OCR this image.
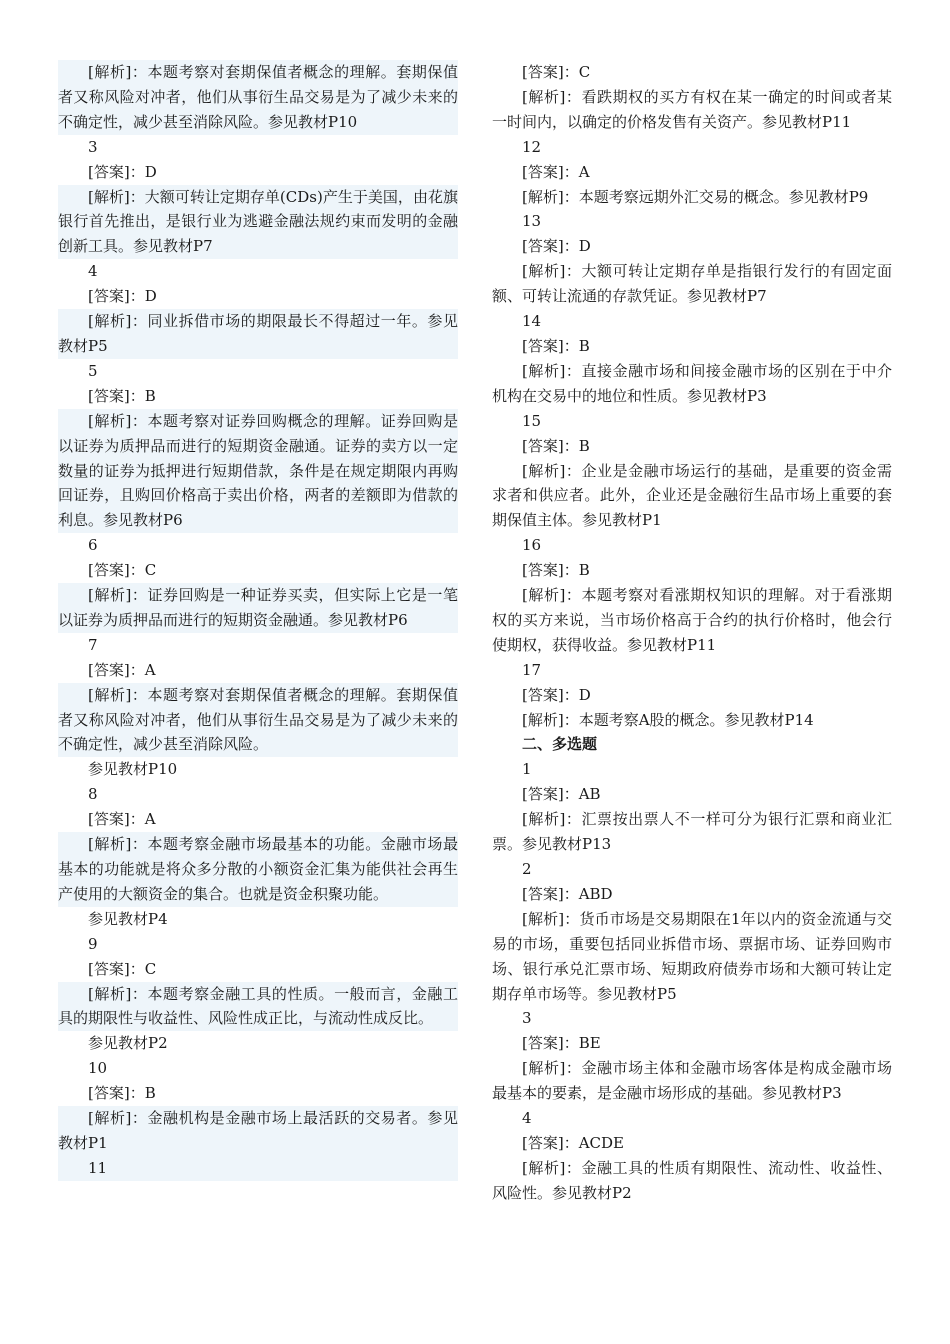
[解析]：本题考察对套期保值者概念的理解。套期保值者又称风险对冲者，他们从事衍生品交易是为了减少未来的不确定性，减少甚至消除风险。参见教材P10

3

[答案]：D

[解析]：大额可转让定期存单(CDs)产生于美国，由花旗银行首先推出，是银行业为逃避金融法规约束而发明的金融创新工具。参见教材P7

4

[答案]：D

[解析]：同业拆借市场的期限最长不得超过一年。参见教材P5

5

[答案]：B

[解析]：本题考察对证券回购概念的理解。证券回购是以证券为质押品而进行的短期资金融通。证券的卖方以一定数量的证券为抵押进行短期借款，条件是在规定期限内再购回证券，且购回价格高于卖出价格，两者的差额即为借款的利息。参见教材P6

6

[答案]：C

[解析]：证券回购是一种证券买卖，但实际上它是一笔以证券为质押品而进行的短期资金融通。参见教材P6

7

[答案]：A

[解析]：本题考察对套期保值者概念的理解。套期保值者又称风险对冲者，他们从事衍生品交易是为了减少未来的不确定性，减少甚至消除风险。

参见教材P10

8

[答案]：A

[解析]：本题考察金融市场最基本的功能。金融市场最基本的功能就是将众多分散的小额资金汇集为能供社会再生产使用的大额资金的集合。也就是资金积聚功能。

参见教材P4

9

[答案]：C

[解析]：本题考察金融工具的性质。一般而言，金融工具的期限性与收益性、风险性成正比，与流动性成反比。

参见教材P2

10

[答案]：B

[解析]：金融机构是金融市场上最活跃的交易者。参见教材P1

11

[答案]：C

[解析]：看跌期权的买方有权在某一确定的时间或者某一时间内，以确定的价格发售有关资产。参见教材P11

12

[答案]：A

[解析]：本题考察远期外汇交易的概念。参见教材P9

13

[答案]：D

[解析]：大额可转让定期存单是指银行发行的有固定面额、可转让流通的存款凭证。参见教材P7

14

[答案]：B

[解析]：直接金融市场和间接金融市场的区别在于中介机构在交易中的地位和性质。参见教材P3

15

[答案]：B

[解析]：企业是金融市场运行的基础，是重要的资金需求者和供应者。此外，企业还是金融衍生品市场上重要的套期保值主体。参见教材P1

16

[答案]：B

[解析]：本题考察对看涨期权知识的理解。对于看涨期权的买方来说，当市场价格高于合约的执行价格时，他会行使期权，获得收益。参见教材P11

17

[答案]：D

[解析]：本题考察A股的概念。参见教材P14

二、多选题

1

[答案]：AB

[解析]：汇票按出票人不一样可分为银行汇票和商业汇票。参见教材P13

2

[答案]：ABD

[解析]：货币市场是交易期限在1年以内的资金流通与交易的市场，重要包括同业拆借市场、票据市场、证券回购市场、银行承兑汇票市场、短期政府债券市场和大额可转让定期存单市场等。参见教材P5

3

[答案]：BE

[解析]：金融市场主体和金融市场客体是构成金融市场最基本的要素，是金融市场形成的基础。参见教材P3

4

[答案]：ACDE

[解析]：金融工具的性质有期限性、流动性、收益性、风险性。参见教材P2
